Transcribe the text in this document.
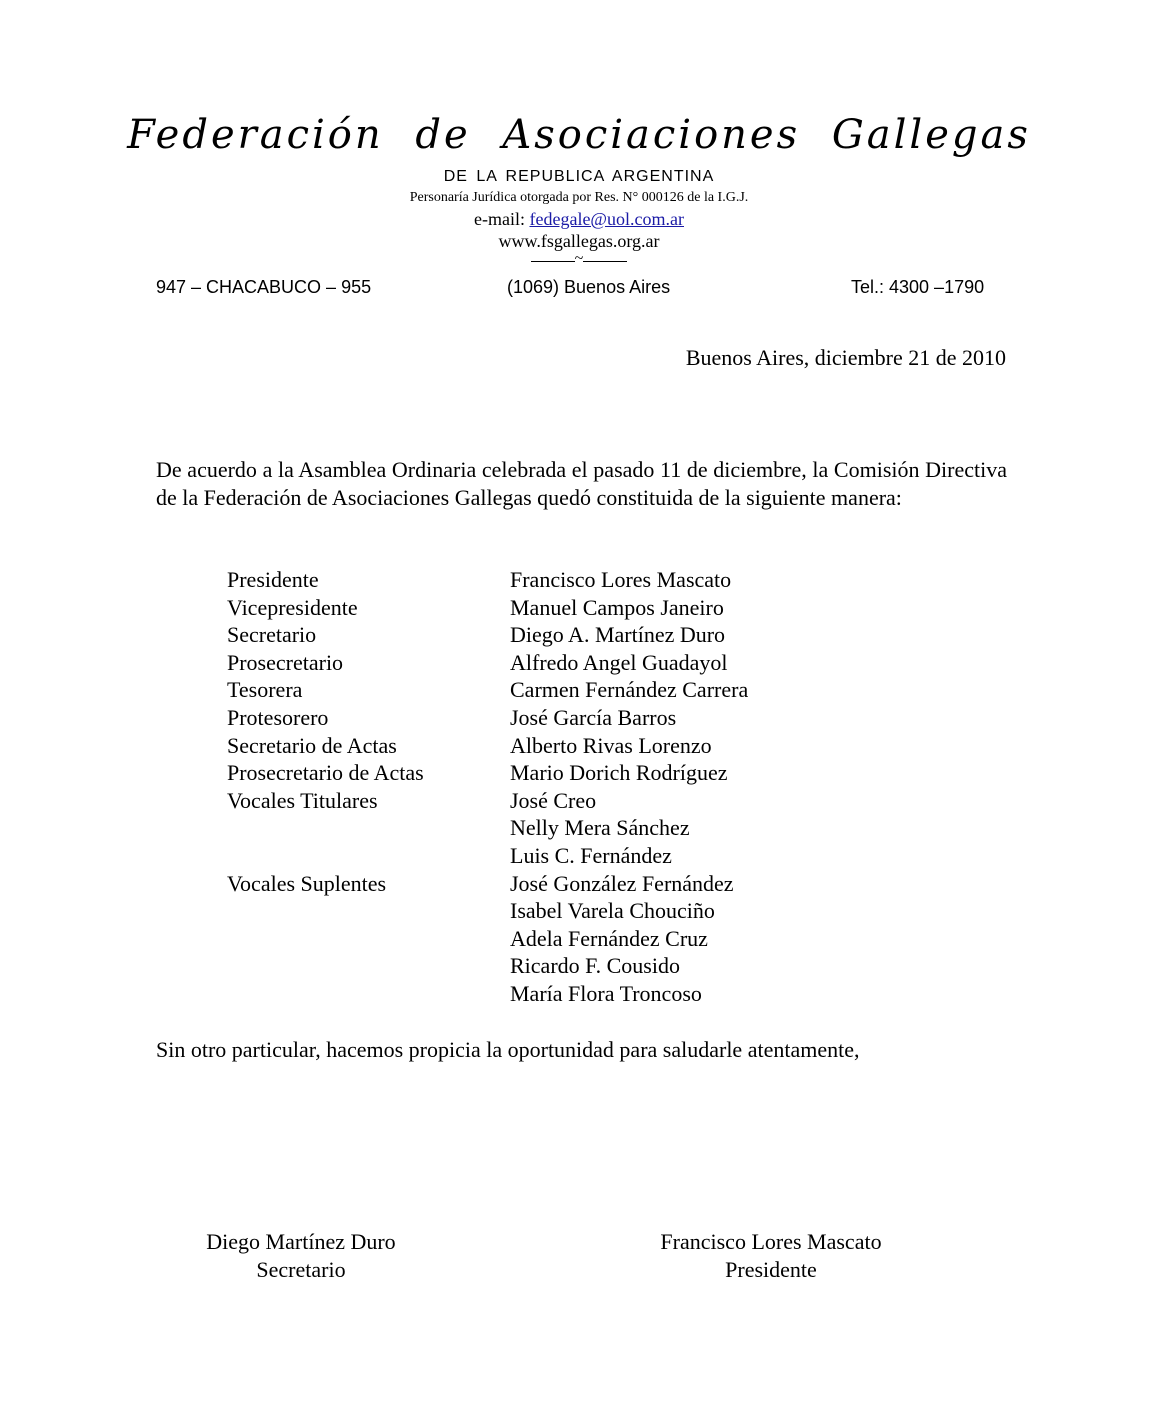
Federación de Asociaciones Gallegas
DE LA REPUBLICA ARGENTINA
Personaría Jurídica otorgada por Res. N° 000126 de la I.G.J.
e-mail: fedegale@uol.com.ar
www.fsgallegas.org.ar
~
947 – CHACABUCO – 955	(1069) Buenos Aires	Tel.: 4300 –1790
Buenos Aires, diciembre 21 de 2010
De acuerdo a la Asamblea Ordinaria celebrada el pasado 11 de diciembre, la Comisión Directiva de la Federación de Asociaciones Gallegas quedó constituida de la siguiente manera:
Presidente	Francisco Lores Mascato
Vicepresidente	Manuel Campos Janeiro
Secretario	Diego A. Martínez Duro
Prosecretario	Alfredo Angel Guadayol
Tesorera	Carmen Fernández Carrera
Protesorero	José García Barros
Secretario de Actas	Alberto Rivas Lorenzo
Prosecretario de Actas	Mario Dorich Rodríguez
Vocales Titulares	José Creo
Nelly Mera Sánchez
Luis C. Fernández
Vocales Suplentes	José González Fernández
Isabel Varela Chouciño
Adela Fernández Cruz
Ricardo F. Cousido
María Flora Troncoso
Sin otro particular, hacemos propicia la oportunidad para saludarle atentamente,
Diego Martínez Duro
Secretario
Francisco Lores Mascato
Presidente
